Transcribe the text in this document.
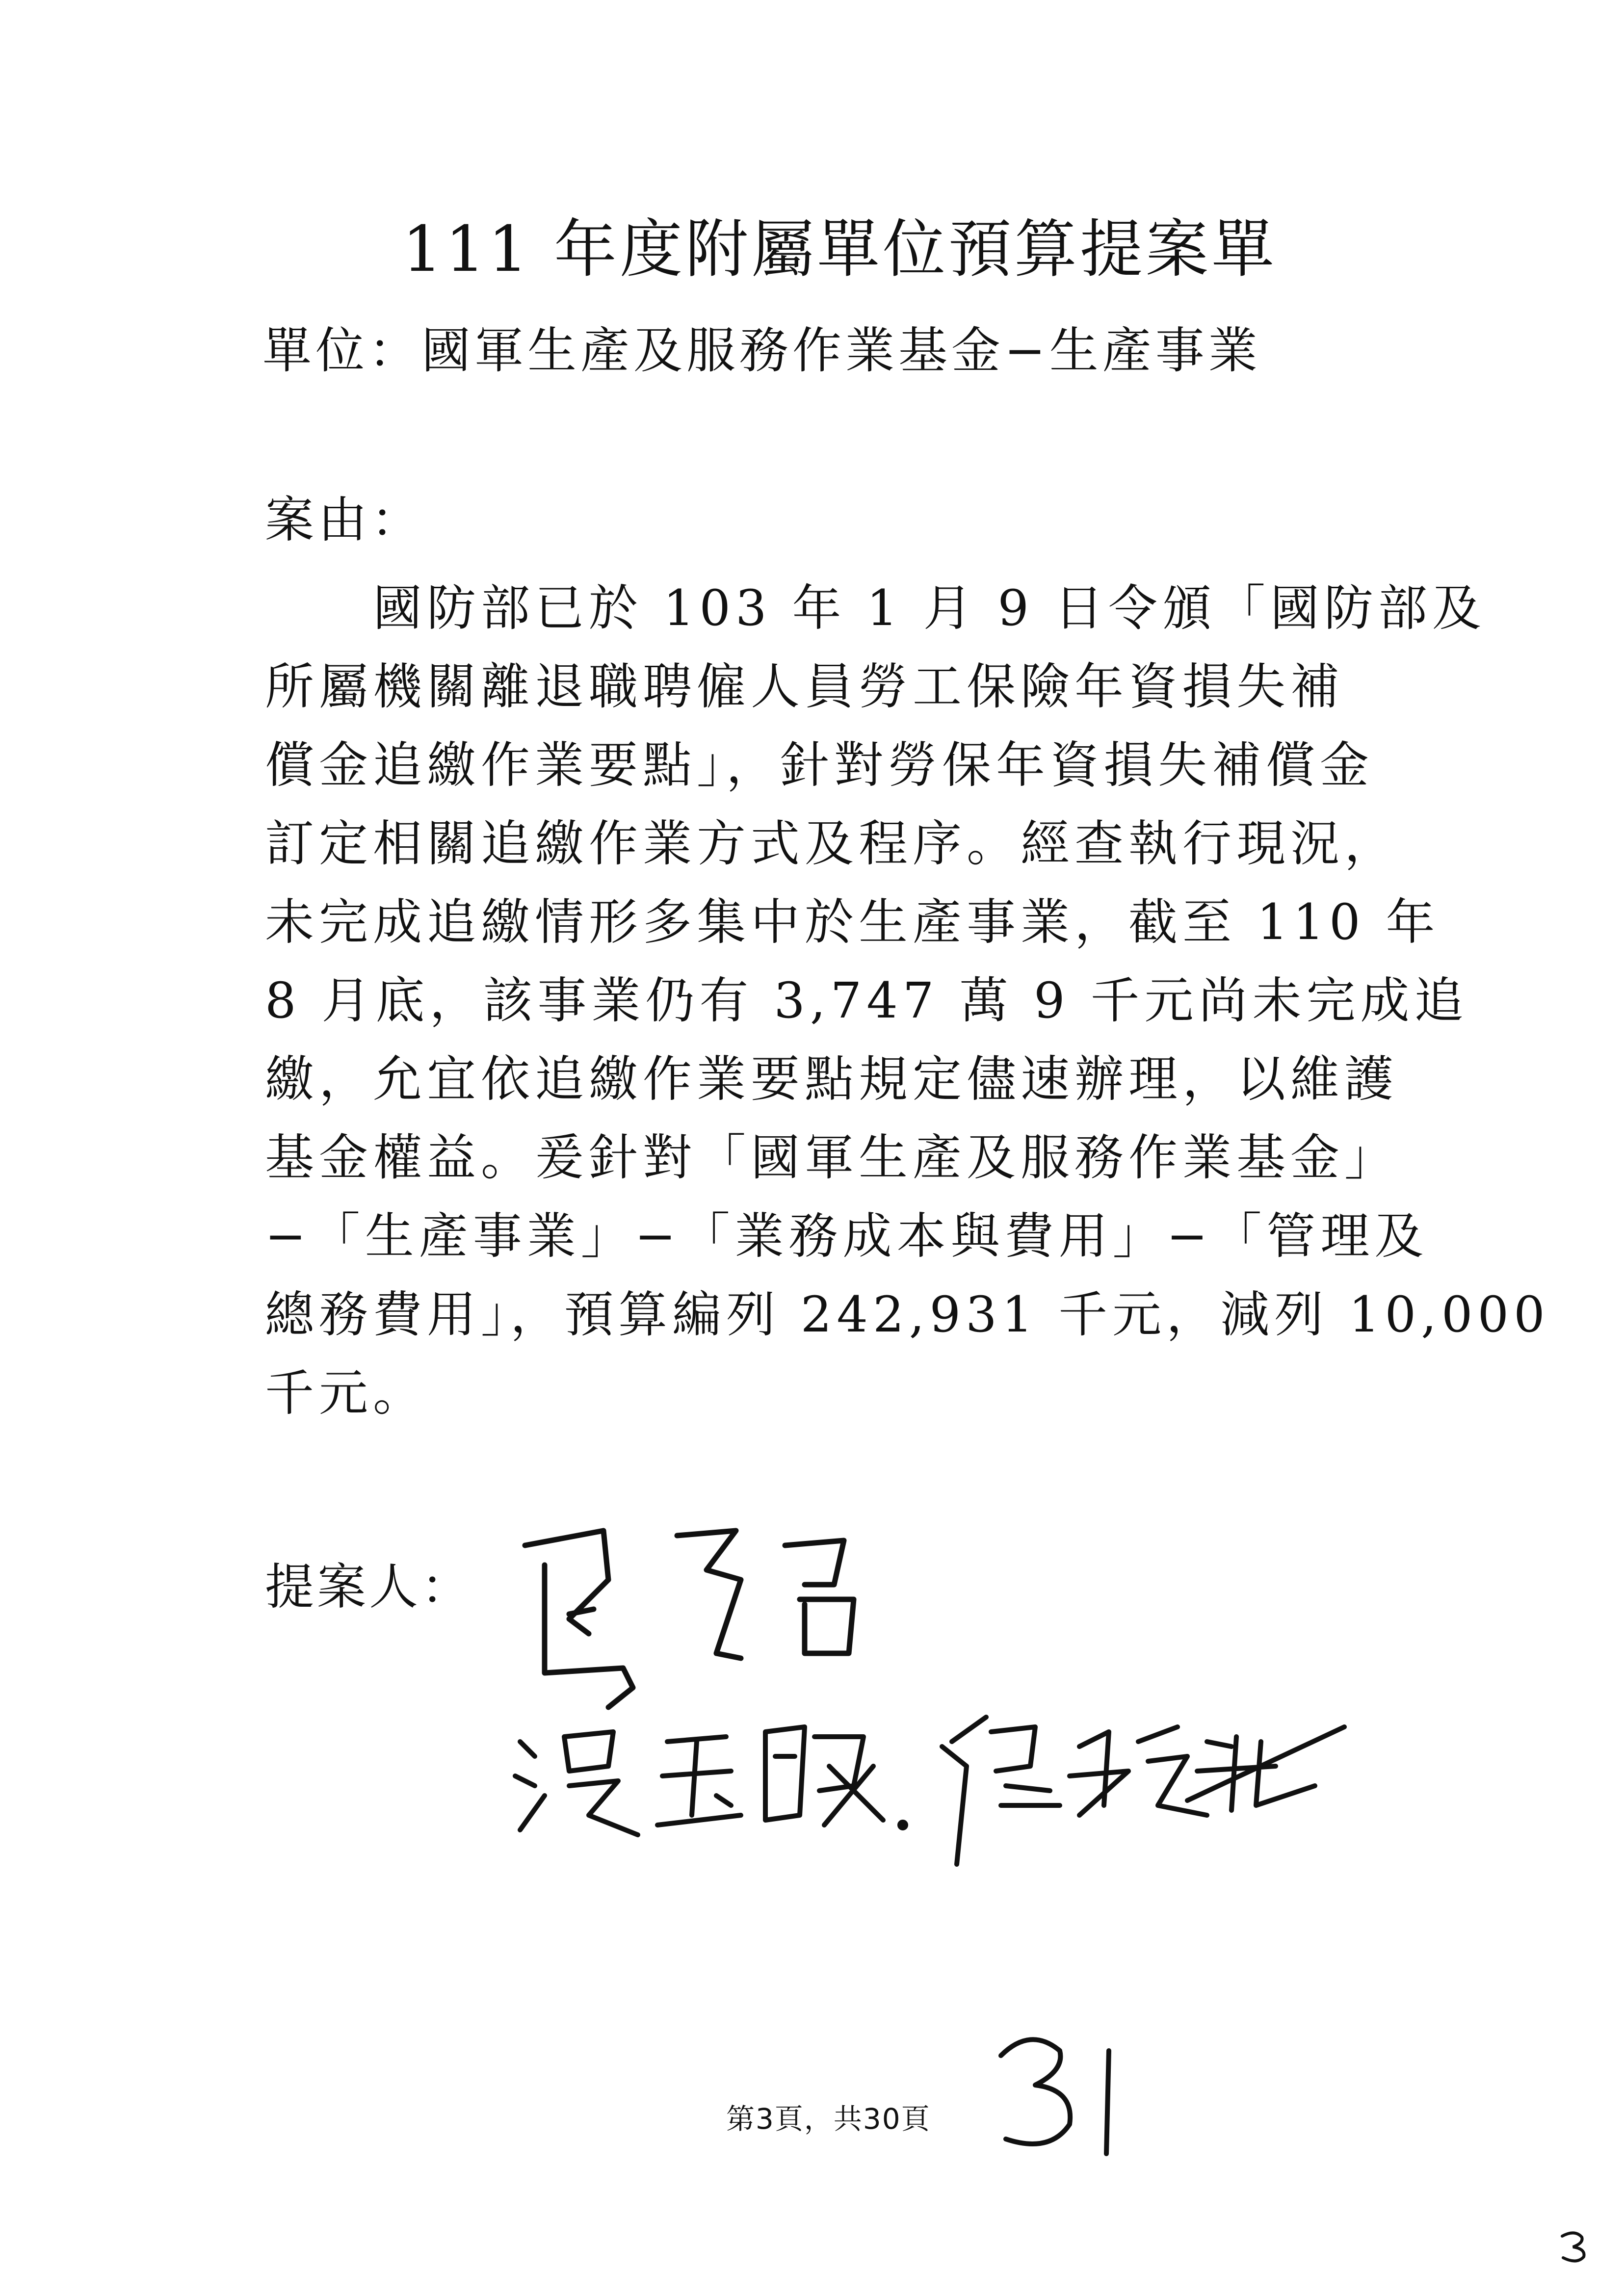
111 年度附屬單位預算提案單
單位：國軍生產及服務作業基金−生產事業
案由：
　　國防部已於 103 年 1 月 9 日令頒「國防部及
所屬機關離退職聘僱人員勞工保險年資損失補
償金追繳作業要點」，針對勞保年資損失補償金
訂定相關追繳作業方式及程序。經查執行現況，
未完成追繳情形多集中於生產事業，截至 110 年
8 月底，該事業仍有 3,747 萬 9 千元尚未完成追
繳，允宜依追繳作業要點規定儘速辦理，以維護
基金權益。爰針對「國軍生產及服務作業基金」
−「生產事業」−「業務成本與費用」−「管理及
總務費用」，預算編列 242,931 千元，減列 10,000
千元。
提案人：
第3頁，共30頁
